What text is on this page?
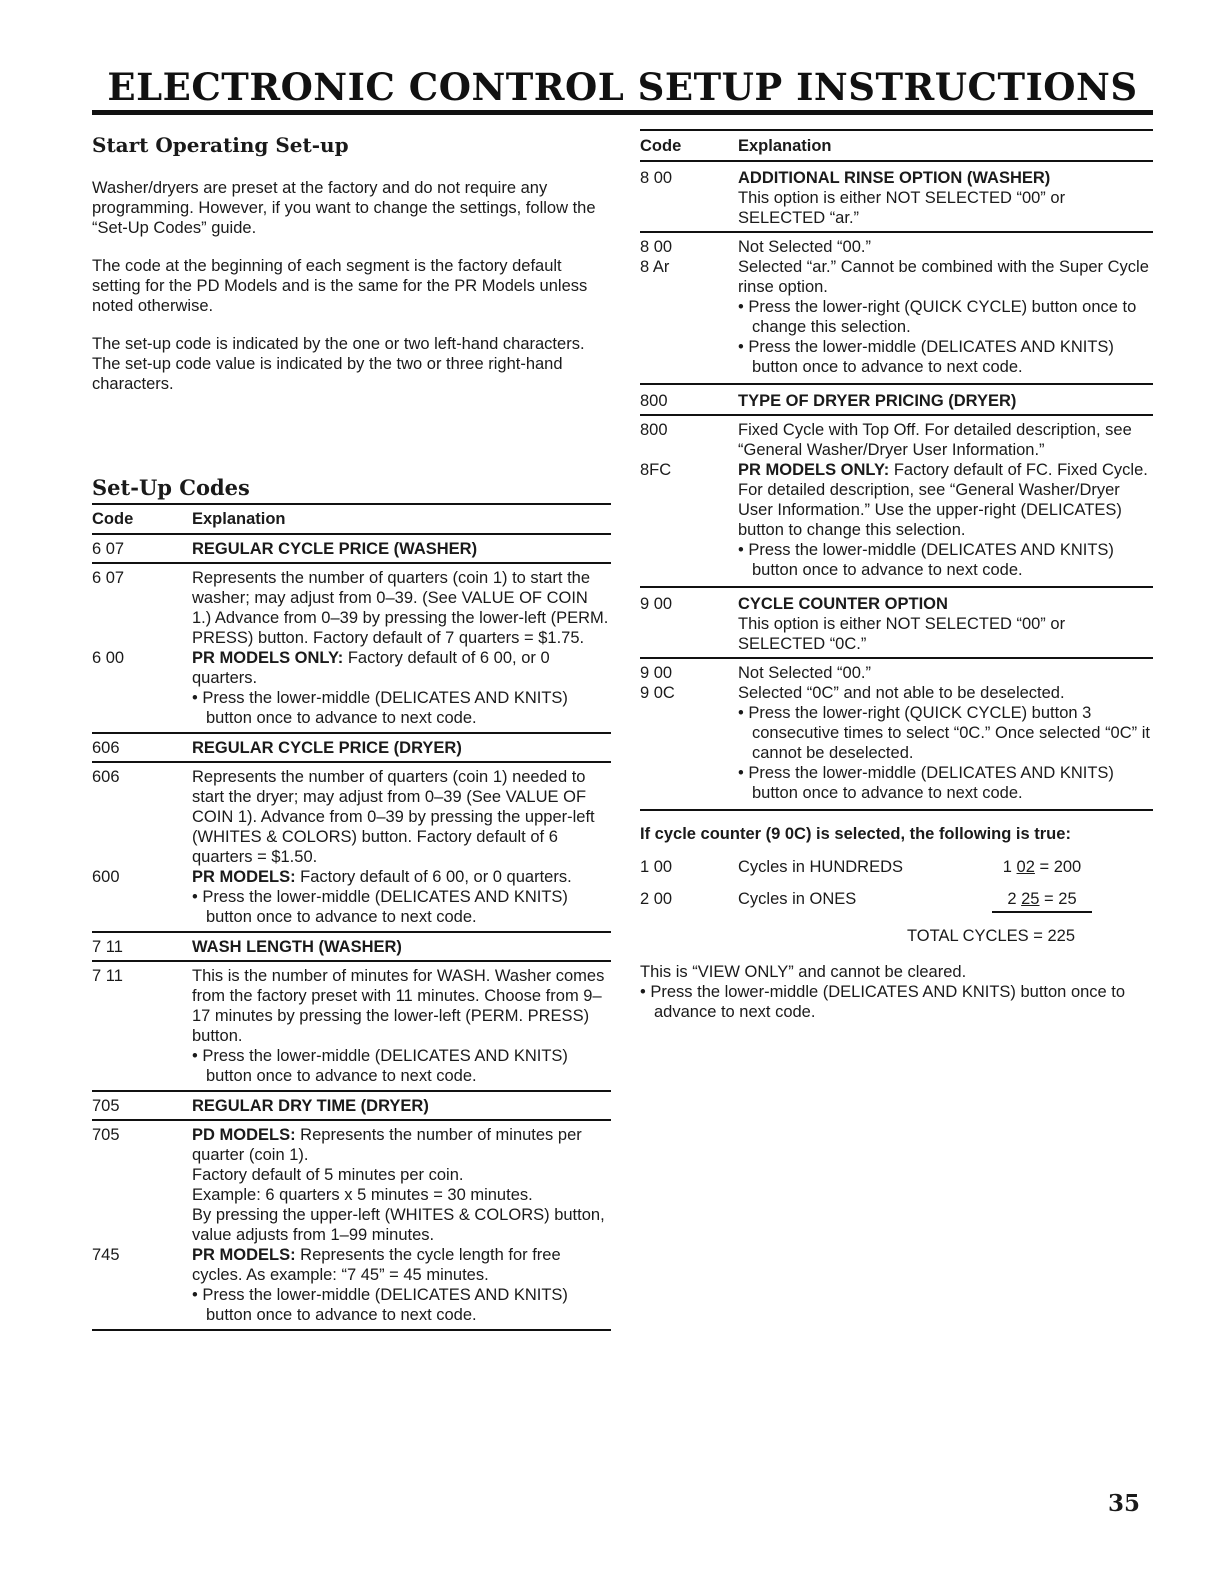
ELECTRONIC CONTROL SETUP INSTRUCTIONS
Start Operating Set-up

Washer/dryers are preset at the factory and do not require any programming. However, if you want to change the settings, follow the “Set-Up Codes” guide.

The code at the beginning of each segment is the factory default setting for the PD Models and is the same for the PR Models unless noted otherwise.

The set-up code is indicated by the one or two left-hand characters. The set-up code value is indicated by the two or three right-hand characters.

Set-Up Codes
Code	Explanation
6 07	REGULAR CYCLE PRICE (WASHER)
6 07	Represents the number of quarters (coin 1) to start the washer; may adjust from 0–39. (See VALUE OF COIN 1.) Advance from 0–39 by pressing the lower-left (PERM. PRESS) button. Factory default of 7 quarters = $1.75.
6 00	PR MODELS ONLY: Factory default of 6 00, or 0 quarters.
• Press the lower-middle (DELICATES AND KNITS) button once to advance to next code.
606	REGULAR CYCLE PRICE (DRYER)
606	Represents the number of quarters (coin 1) needed to start the dryer; may adjust from 0–39 (See VALUE OF COIN 1). Advance from 0–39 by pressing the upper-left (WHITES & COLORS) button. Factory default of 6 quarters = $1.50.
600	PR MODELS: Factory default of 6 00, or 0 quarters.
• Press the lower-middle (DELICATES AND KNITS) button once to advance to next code.
7 11	WASH LENGTH (WASHER)
7 11	This is the number of minutes for WASH. Washer comes from the factory preset with 11 minutes. Choose from 9–17 minutes by pressing the lower-left (PERM. PRESS) button.
• Press the lower-middle (DELICATES AND KNITS) button once to advance to next code.
705	REGULAR DRY TIME (DRYER)
705	PD MODELS: Represents the number of minutes per quarter (coin 1).
Factory default of 5 minutes per coin.
Example: 6 quarters x 5 minutes = 30 minutes.
By pressing the upper-left (WHITES & COLORS) button, value adjusts from 1–99 minutes.
745	PR MODELS: Represents the cycle length for free cycles. As example: “7 45” = 45 minutes.
• Press the lower-middle (DELICATES AND KNITS) button once to advance to next code.
Code	Explanation
8 00	ADDITIONAL RINSE OPTION (WASHER)
This option is either NOT SELECTED “00” or SELECTED “ar.”
8 00	Not Selected “00.”
8 Ar	Selected “ar.” Cannot be combined with the Super Cycle rinse option.
• Press the lower-right (QUICK CYCLE) button once to change this selection.
• Press the lower-middle (DELICATES AND KNITS) button once to advance to next code.
800	TYPE OF DRYER PRICING (DRYER)
800	Fixed Cycle with Top Off. For detailed description, see “General Washer/Dryer User Information.”
8FC	PR MODELS ONLY: Factory default of FC. Fixed Cycle. For detailed description, see “General Washer/Dryer User Information.” Use the upper-right (DELICATES) button to change this selection.
• Press the lower-middle (DELICATES AND KNITS) button once to advance to next code.
9 00	CYCLE COUNTER OPTION
This option is either NOT SELECTED “00” or SELECTED “0C.”
9 00	Not Selected “00.”
9 0C	Selected “0C” and not able to be deselected.
• Press the lower-right (QUICK CYCLE) button 3 consecutive times to select “0C.” Once selected “0C” it cannot be deselected.
• Press the lower-middle (DELICATES AND KNITS) button once to advance to next code.
If cycle counter (9 0C) is selected, the following is true:
1 00	Cycles in HUNDREDS	1 02 = 200
2 00	Cycles in ONES	2 25 = 25
TOTAL CYCLES = 225
This is “VIEW ONLY” and cannot be cleared.
• Press the lower-middle (DELICATES AND KNITS) button once to advance to next code.
35
